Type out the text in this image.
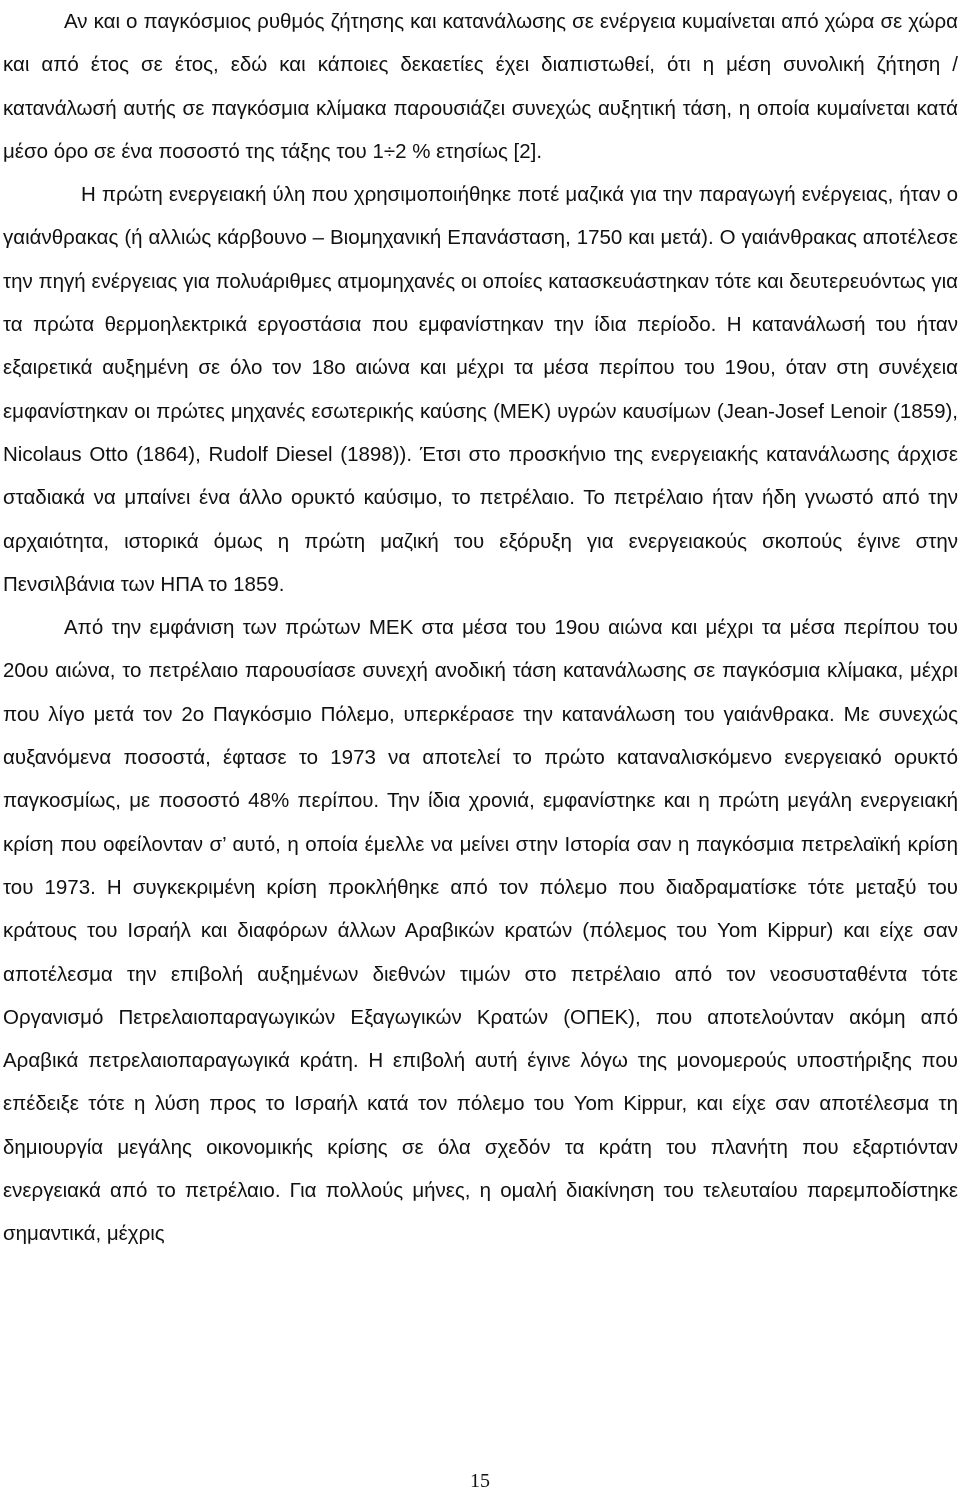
Αν και ο παγκόσμιος ρυθμός ζήτησης και κατανάλωσης σε ενέργεια κυμαίνεται από χώρα σε χώρα και από έτος σε έτος, εδώ και κάποιες δεκαετίες έχει διαπιστωθεί, ότι η μέση συνολική ζήτηση / κατανάλωσή αυτής σε παγκόσμια κλίμακα παρουσιάζει συνεχώς αυξητική τάση, η οποία κυμαίνεται κατά μέσο όρο σε ένα ποσοστό της τάξης του 1÷2 % ετησίως [2].

Η πρώτη ενεργειακή ύλη που χρησιμοποιήθηκε ποτέ μαζικά για την παραγωγή ενέργειας, ήταν ο γαιάνθρακας (ή αλλιώς κάρβουνο – Βιομηχανική Επανάσταση, 1750 και μετά). Ο γαιάνθρακας αποτέλεσε την πηγή ενέργειας για πολυάριθμες ατμομηχανές οι οποίες κατασκευάστηκαν τότε και δευτερευόντως για τα πρώτα θερμοηλεκτρικά εργοστάσια που εμφανίστηκαν την ίδια περίοδο. Η κατανάλωσή του ήταν εξαιρετικά αυξημένη σε όλο τον 18ο αιώνα και μέχρι τα μέσα περίπου του 19ου, όταν στη συνέχεια εμφανίστηκαν οι πρώτες μηχανές εσωτερικής καύσης (ΜΕΚ) υγρών καυσίμων (Jean-Josef Lenoir (1859), Nicolaus Otto (1864), Rudolf Diesel (1898)). Έτσι στο προσκήνιο της ενεργειακής κατανάλωσης άρχισε σταδιακά να μπαίνει ένα άλλο ορυκτό καύσιμο, το πετρέλαιο. Το πετρέλαιο ήταν ήδη γνωστό από την αρχαιότητα, ιστορικά όμως η πρώτη μαζική του εξόρυξη για ενεργειακούς σκοπούς έγινε στην Πενσιλβάνια των ΗΠΑ το 1859.

Από την εμφάνιση των πρώτων ΜΕΚ στα μέσα του 19ου αιώνα και μέχρι τα μέσα περίπου του 20ου αιώνα, το πετρέλαιο παρουσίασε συνεχή ανοδική τάση κατανάλωσης σε παγκόσμια κλίμακα, μέχρι που λίγο μετά τον 2ο Παγκόσμιο Πόλεμο, υπερκέρασε την κατανάλωση του γαιάνθρακα. Με συνεχώς αυξανόμενα ποσοστά, έφτασε το 1973 να αποτελεί το πρώτο καταναλισκόμενο ενεργειακό ορυκτό παγκοσμίως, με ποσοστό 48% περίπου. Την ίδια χρονιά, εμφανίστηκε και η πρώτη μεγάλη ενεργειακή κρίση που οφείλονταν σ’ αυτό, η οποία έμελλε να μείνει στην Ιστορία σαν η παγκόσμια πετρελαϊκή κρίση του 1973. Η συγκεκριμένη κρίση προκλήθηκε από τον πόλεμο που διαδραματίσκε τότε μεταξύ του κράτους του Ισραήλ και διαφόρων άλλων Αραβικών κρατών (πόλεμος του Yom Kippur) και είχε σαν αποτέλεσμα την επιβολή αυξημένων διεθνών τιμών στο πετρέλαιο από τον νεοσυσταθέντα τότε Οργανισμό Πετρελαιοπαραγωγικών Εξαγωγικών Κρατών (ΟΠΕΚ), που αποτελούνταν ακόμη από Αραβικά πετρελαιοπαραγωγικά κράτη. Η επιβολή αυτή έγινε λόγω της μονομερούς υποστήριξης που επέδειξε τότε η λύση προς το Ισραήλ κατά τον πόλεμο του Yom Kippur, και είχε σαν αποτέλεσμα τη δημιουργία μεγάλης οικονομικής κρίσης σε όλα σχεδόν τα κράτη του πλανήτη που εξαρτιόνταν ενεργειακά από το πετρέλαιο. Για πολλούς μήνες, η ομαλή διακίνηση του τελευταίου παρεμποδίστηκε σημαντικά, μέχρις

15
